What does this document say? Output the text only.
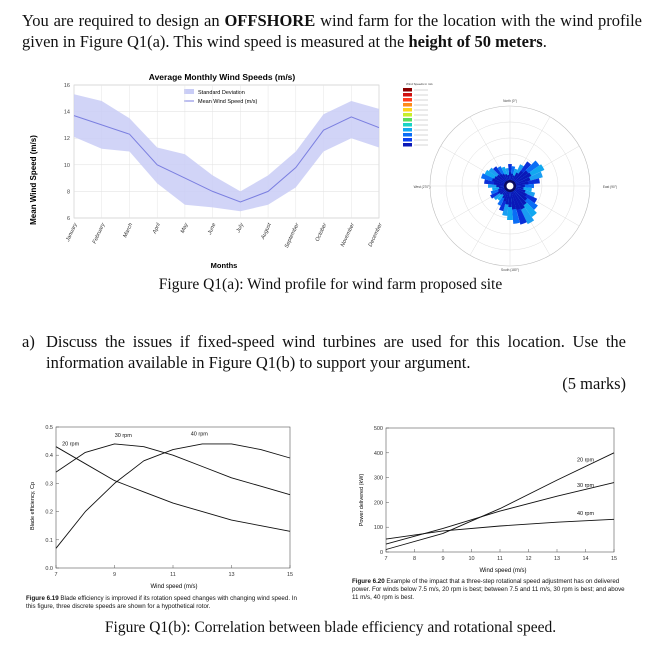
You are required to design an OFFSHORE wind farm for the location with the wind profile given in Figure Q1(a). This wind speed is measured at the height of 50 meters.
Average Monthly Wind Speeds (m/s)
Standard Deviation
Mean Wind Speed (m/s)
Mean Wind Speed (m/s)
Months
6
8
10
12
14
16
January February	March	April	May	June	July	August September	October November December
Wind Speeds in m/s
North (0°)
South (180°)
West (270°)	East (90°)
Figure Q1(a): Wind profile for wind farm proposed site
a) Discuss the issues if fixed-speed wind turbines are used for this location. Use the information available in Figure Q1(b) to support your argument.
(5 marks)
Blade efficiency, Cp
Wind speed (m/s)
0.0
0.1
0.2
0.3
0.4
0.5
7	9	11	13	15
20 rpm
30 rpm	40 rpm
Figure 6.19 Blade efficiency is improved if its rotation speed changes with changing wind speed. In this figure, three discrete speeds are shown for a hypothetical rotor.
Power delivered (kW)
Wind speed (m/s)
0
100
200
300
400
500
7	8	9	10	11	12	13	14	15
20 rpm
30 rpm
40 rpm
Figure 6.20 Example of the impact that a three-step rotational speed adjustment has on delivered power. For winds below 7.5 m/s, 20 rpm is best; between 7.5 and 11 m/s, 30 rpm is best; and above 11 m/s, 40 rpm is best.
Figure Q1(b): Correlation between blade efficiency and rotational speed.
